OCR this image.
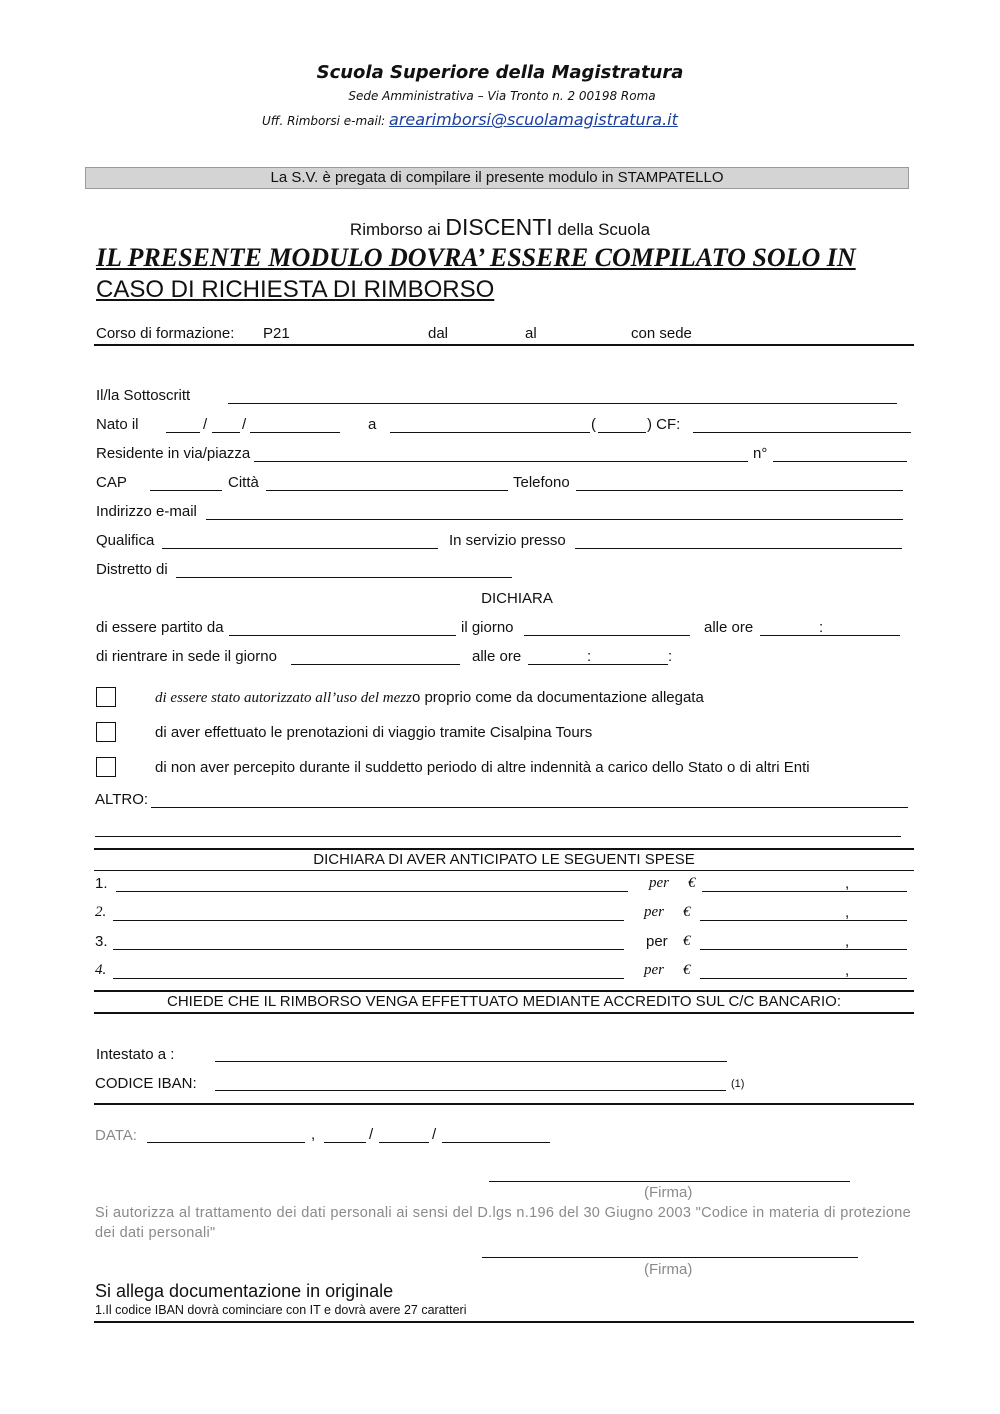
Scuola Superiore della Magistratura
Sede Amministrativa – Via Tronto n. 2 00198 Roma
Uff. Rimborsi e-mail: arearimborsi@scuolamagistratura.it
La S.V. è pregata di compilare il presente modulo in STAMPATELLO
Rimborso ai DISCENTI della Scuola
IL PRESENTE MODULO DOVRA’ ESSERE COMPILATO SOLO IN
CASO DI RICHIESTA DI RIMBORSO
Corso di formazione: P21	dal	al	con sede
Il/la Sottoscritt
Nato il	/ /	a	(	) CF:
Residente in via/piazza	n°
CAP	Città	Telefono
Indirizzo e-mail
Qualifica	In servizio presso
Distretto di
DICHIARA
di essere partito da	il giorno	alle ore	:
di rientrare in sede il giorno	alle ore	:	:
di essere stato autorizzato all’uso del mezzo proprio come da documentazione allegata
di aver effettuato le prenotazioni di viaggio tramite Cisalpina Tours
di non aver percepito durante il suddetto periodo di altre indennità a carico dello Stato o di altri Enti
ALTRO:
DICHIARA DI AVER ANTICIPATO LE SEGUENTI SPESE
1.	per €	,
2.	per €	,
3.	per €	,
4.	per €	,
CHIEDE CHE IL RIMBORSO VENGA EFFETTUATO MEDIANTE ACCREDITO SUL C/C BANCARIO:
Intestato a :
CODICE IBAN:	(1)
DATA:	,	/	/
(Firma)
Si autorizza al trattamento dei dati personali ai sensi del D.lgs n.196 del 30 Giugno 2003 "Codice in materia di protezione dei dati personali"
(Firma)
Si allega documentazione in originale
1.Il codice IBAN dovrà cominciare con IT e dovrà avere 27 caratteri
